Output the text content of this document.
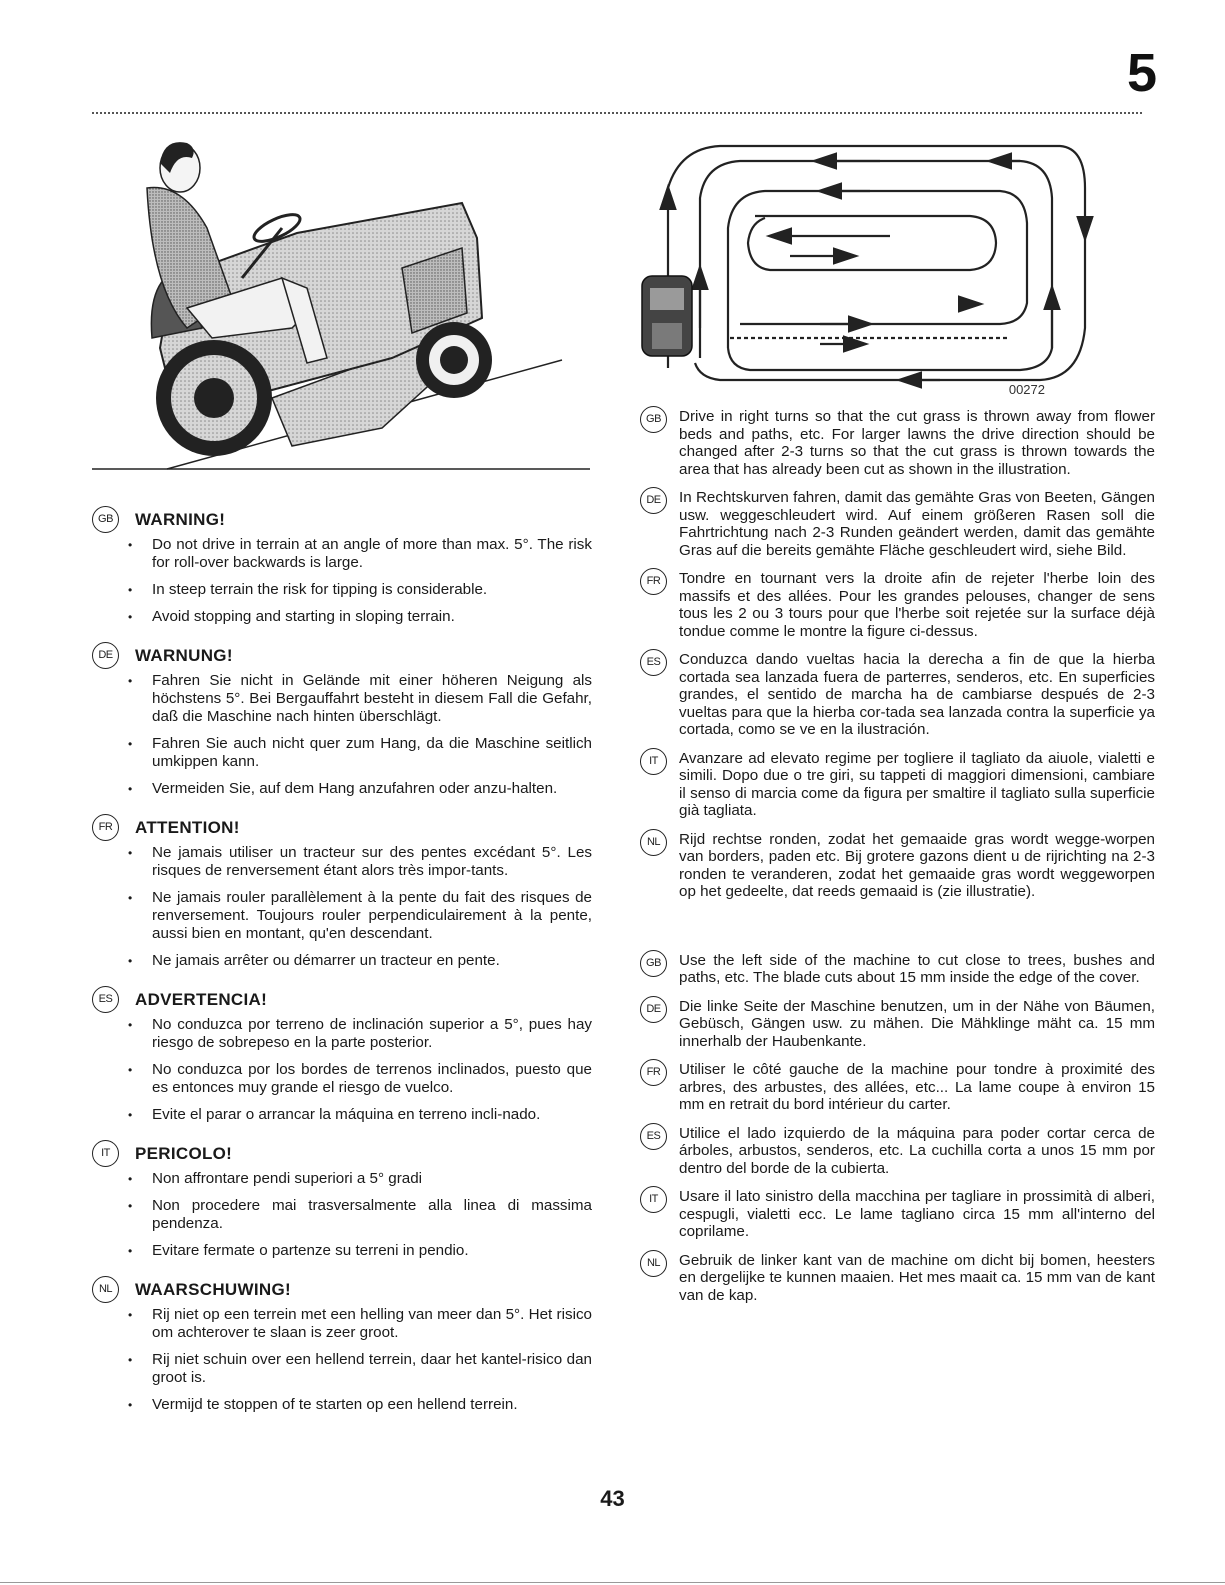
5
GB	WARNING!
• Do not drive in terrain at an angle of more than max. 5°. The risk for roll-over backwards is large.
• In steep terrain the risk for tipping is considerable.
• Avoid stopping and starting in sloping terrain.
DE	WARNUNG!
• Fahren Sie nicht in Gelände mit einer höheren Neigung als höchstens 5°. Bei Bergauffahrt besteht in diesem Fall die Gefahr, daß die Maschine nach hinten überschlägt.
• Fahren Sie auch nicht quer zum Hang, da die Maschine seitlich umkippen kann.
• Vermeiden Sie, auf dem Hang anzufahren oder anzu-halten.
FR	ATTENTION!
• Ne jamais utiliser un tracteur sur des pentes excédant 5°. Les risques de renversement étant alors très impor-tants.
• Ne jamais rouler parallèlement à la pente du fait des risques de renversement. Toujours rouler perpendiculairement à la pente, aussi bien en montant, qu'en descendant.
• Ne jamais arrêter ou démarrer un tracteur en pente.
ES	ADVERTENCIA!
• No conduzca por terreno de inclinación superior a 5°, pues hay riesgo de sobrepeso en la parte posterior.
• No conduzca por los bordes de terrenos inclinados, puesto que es entonces muy grande el riesgo de vuelco.
• Evite el parar o arrancar la máquina en terreno incli-nado.
IT	PERICOLO!
• Non affrontare pendi superiori a 5° gradi
• Non procedere mai trasversalmente alla linea di massima pendenza.
• Evitare fermate o partenze su terreni in pendio.
NL	WAARSCHUWING!
• Rij niet op een terrein met een helling van meer dan 5°. Het risico om achterover te slaan is zeer groot.
• Rij niet schuin over een hellend terrein, daar het kantel-risico dan groot is.
• Vermijd te stoppen of te starten op een hellend terrein.
00272
GB	Drive in right turns so that the cut grass is thrown away from flower beds and paths, etc. For larger lawns the drive direction should be changed after 2-3 turns so that the cut grass is thrown towards the area that has already been cut as shown in the illustration.
DE	In Rechtskurven fahren, damit das gemähte Gras von Beeten, Gängen usw. weggeschleudert wird. Auf einem größeren Rasen soll die Fahrtrichtung nach 2-3 Runden geändert werden, damit das gemähte Gras auf die bereits gemähte Fläche geschleudert wird, siehe Bild.
FR	Tondre en tournant vers la droite afin de rejeter l'herbe loin des massifs et des allées. Pour les grandes pelouses, changer de sens tous les 2 ou 3 tours pour que l'herbe soit rejetée sur la surface déjà tondue comme le montre la figure ci-dessus.
ES	Conduzca dando vueltas hacia la derecha a fin de que la hierba cortada sea lanzada fuera de parterres, senderos, etc. En superficies grandes, el sentido de marcha ha de cambiarse después de 2-3 vueltas para que la hierba cor-tada sea lanzada contra la superficie ya cortada, como se ve en la ilustración.
IT	Avanzare ad elevato regime per togliere il tagliato da aiuole, vialetti e simili. Dopo due o tre giri, su tappeti di maggiori dimensioni, cambiare il senso di marcia come da figura per smaltire il tagliato sulla superficie già tagliata.
NL	Rijd rechtse ronden, zodat het gemaaide gras wordt wegge-worpen van borders, paden etc. Bij grotere gazons dient u de rijrichting na 2-3 ronden te veranderen, zodat het gemaaide gras wordt weggeworpen op het gedeelte, dat reeds gemaaid is (zie illustratie).
GB	Use the left side of the machine to cut close to trees, bushes and paths, etc. The blade cuts about 15 mm inside the edge of the cover.
DE	Die linke Seite der Maschine benutzen, um in der Nähe von Bäumen, Gebüsch, Gängen usw. zu mähen. Die Mähklinge mäht ca. 15 mm innerhalb der Haubenkante.
FR	Utiliser le côté gauche de la machine pour tondre à proximité des arbres, des arbustes, des allées, etc... La lame coupe à environ 15 mm en retrait du bord intérieur du carter.
ES	Utilice el lado izquierdo de la máquina para poder cortar cerca de árboles, arbustos, senderos, etc. La cuchilla corta a unos 15 mm por dentro del borde de la cubierta.
IT	Usare il lato sinistro della macchina per tagliare in prossimità di alberi, cespugli, vialetti ecc. Le lame tagliano circa 15 mm all'interno del coprilame.
NL	Gebruik de linker kant van de machine om dicht bij bomen, heesters en dergelijke te kunnen maaien. Het mes maait ca. 15 mm van de kant van de kap.
43
